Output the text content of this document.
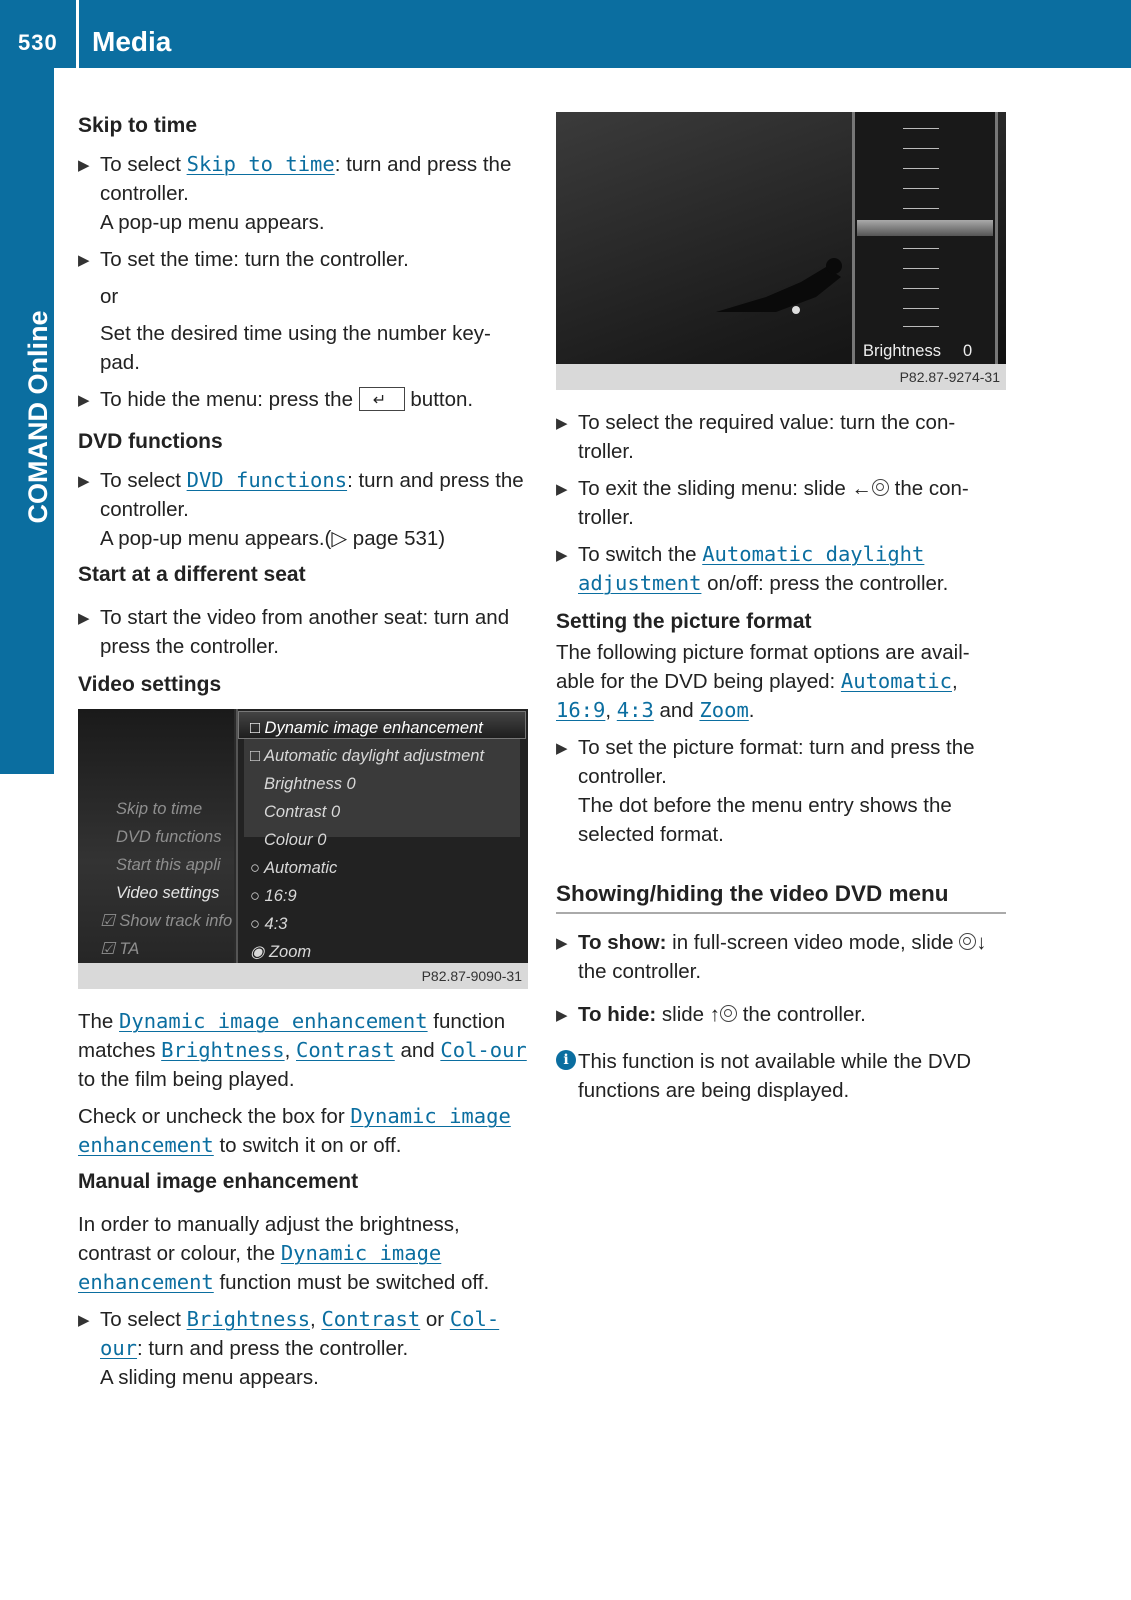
530 Media
COMAND Online
Skip to time
▶ To select Skip to time: turn and press the controller.
A pop-up menu appears.
▶ To set the time: turn the controller.

or

Set the desired time using the number key-pad.

▶ To hide the menu: press the ↵	button.
DVD functions
▶ To select DVD functions: turn and press the controller.
A pop-up menu appears.(▷ page 531)
Start at a different seat
▶ To start the video from another seat: turn and press the controller.
Video settings
Skip to time
DVD functions
Start this appli
Video settings
☑ Show track info
☑ TA
□ Dynamic image enhancement
□ Automatic daylight adjustment
Brightness 0
Contrast 0
Colour 0
○ Automatic
○ 16:9
○ 4:3
◉ Zoom
P82.87-9090-31

The Dynamic image enhancement function matches Brightness, Contrast and Col-our to the film being played.

Check or uncheck the box for Dynamic image enhancement to switch it on or off.

Manual image enhancement

In order to manually adjust the brightness, contrast or colour, the Dynamic image enhancement function must be switched off.

▶ To select Brightness, Contrast or Col-our: turn and press the controller.
A sliding menu appears.
Brightness 0
P82.87-9274-31
▶ To select the required value: turn the con-troller.
▶ To exit the sliding menu: slide ← the con-troller.
▶ To switch the Automatic daylight adjustment on/off: press the controller.
Setting the picture format

The following picture format options are avail-able for the DVD being played: Automatic, 16:9, 4:3 and Zoom.

▶ To set the picture format: turn and press the controller.
The dot before the menu entry shows the selected format.
Showing/hiding the video DVD menu
▶ To show: in full-screen video mode, slide ↓ the controller.
▶ To hide: slide ↑ the controller.
i This function is not available while the DVD functions are being displayed.
